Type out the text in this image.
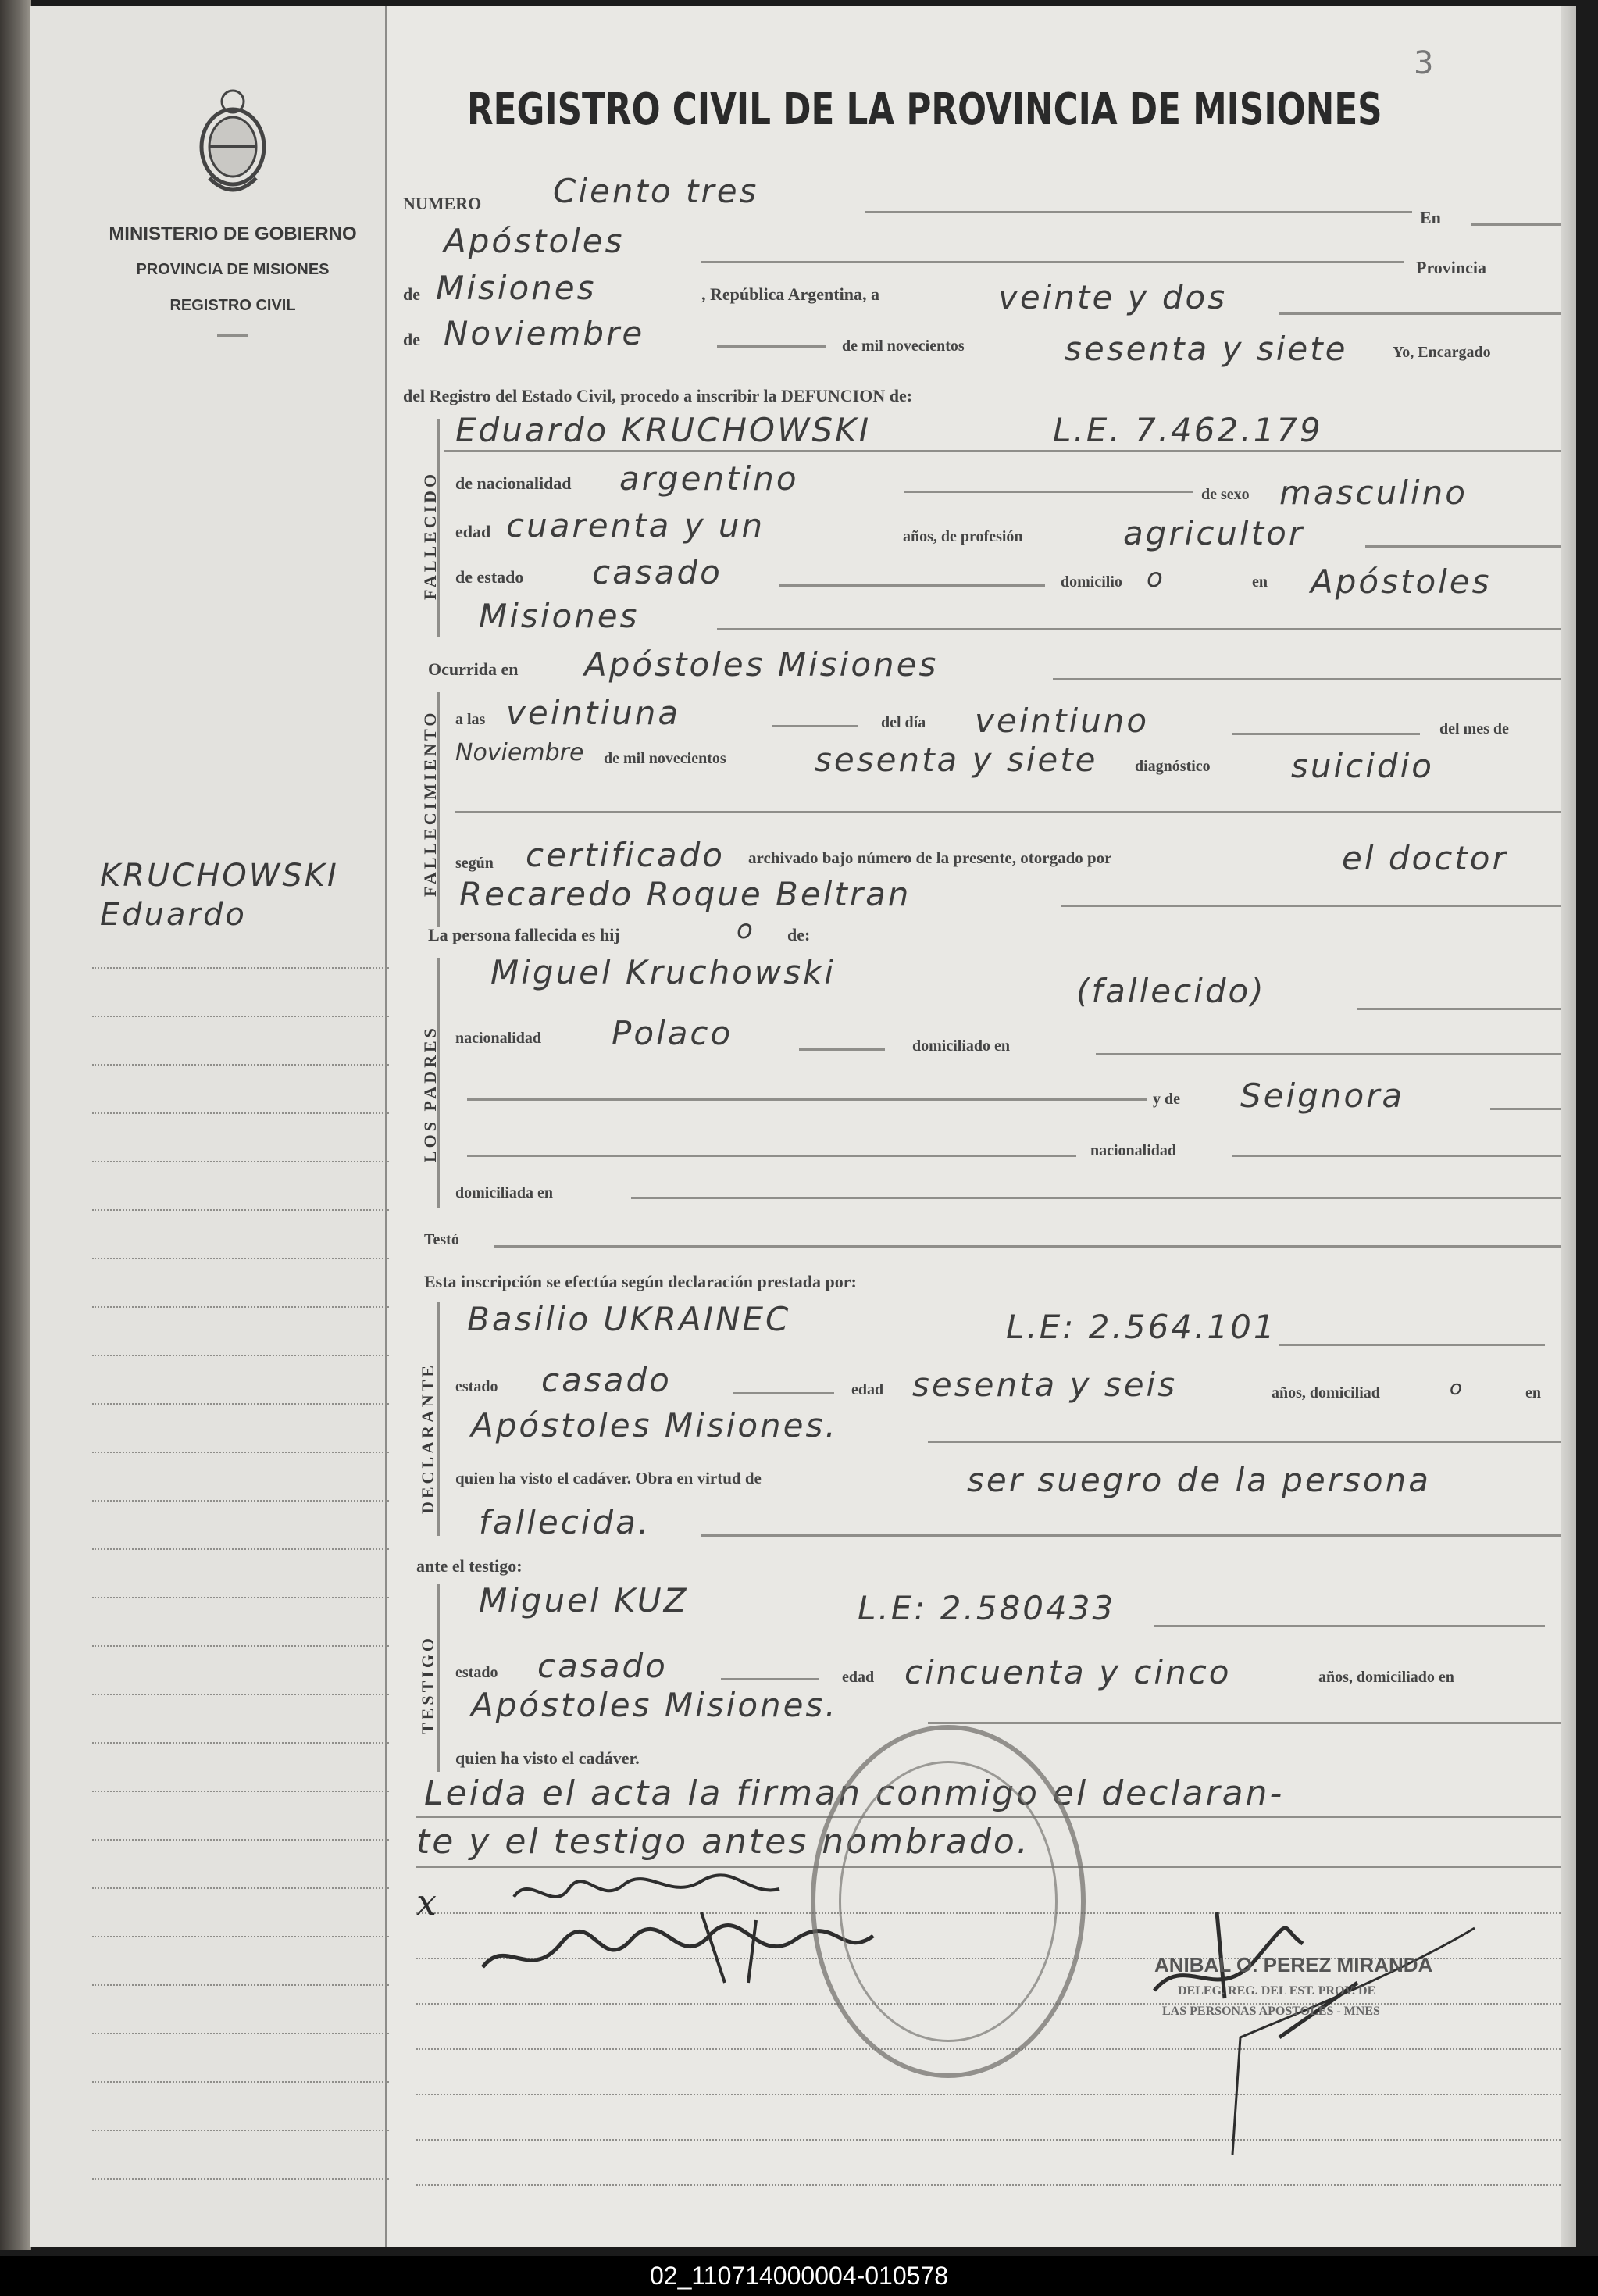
MINISTERIO DE GOBIERNO
PROVINCIA DE MISIONES
REGISTRO CIVIL
KRUCHOWSKI
Eduardo
3
REGISTRO CIVIL DE LA PROVINCIA DE MISIONES
NUMERO Ciento tres
En
Apóstoles
Provincia
de Misiones	, República Argentina, a	veinte y dos
de Noviembre	de mil novecientos	sesenta y siete	Yo, Encargado
del Registro del Estado Civil, procedo a inscribir la DEFUNCION de:
FALLECIDO
Eduardo KRUCHOWSKI	L.E. 7.462.179
de nacionalidad argentino	de sexo masculino
edad cuarenta y un	años, de profesión	agricultor
de estado casado	domicilio o	en Apóstoles
Misiones
Ocurrida en Apóstoles Misiones
FALLECIMIENTO a las veintiuna	del día veintiuno	del mes de
Noviembre de mil novecientos	sesenta y siete diagnóstico suicidio
según certificado archivado bajo número de la presente, otorgado por	el doctor
Recaredo Roque Beltran
La persona fallecida es hij	o de:
LOS PADRES
Miguel Kruchowski	(fallecido)
nacionalidad Polaco	domiciliado en
y de Seignora
nacionalidad
domiciliada en
Testó
Esta inscripción se efectúa según declaración prestada por:
DECLARANTE
Basilio UKRAINEC	L.E: 2.564.101
estado casado	edad sesenta y seis	años, domiciliad	o	en
Apóstoles Misiones.
quien ha visto el cadáver. Obra en virtud de	ser suegro de la persona
fallecida.
ante el testigo:
TESTIGO
Miguel KUZ	L.E: 2.580433
estado casado	edad cincuenta y cinco	años, domiciliado en
Apóstoles Misiones.
quien ha visto el cadáver.
Leida el acta la firman conmigo el declaran-
te y el testigo antes nombrado.
x
ANIBAL O. PEREZ MIRANDA
DELEG. REG. DEL EST. PROV. DE
LAS PERSONAS APOSTOLES - MNES
02_110714000004-010578
